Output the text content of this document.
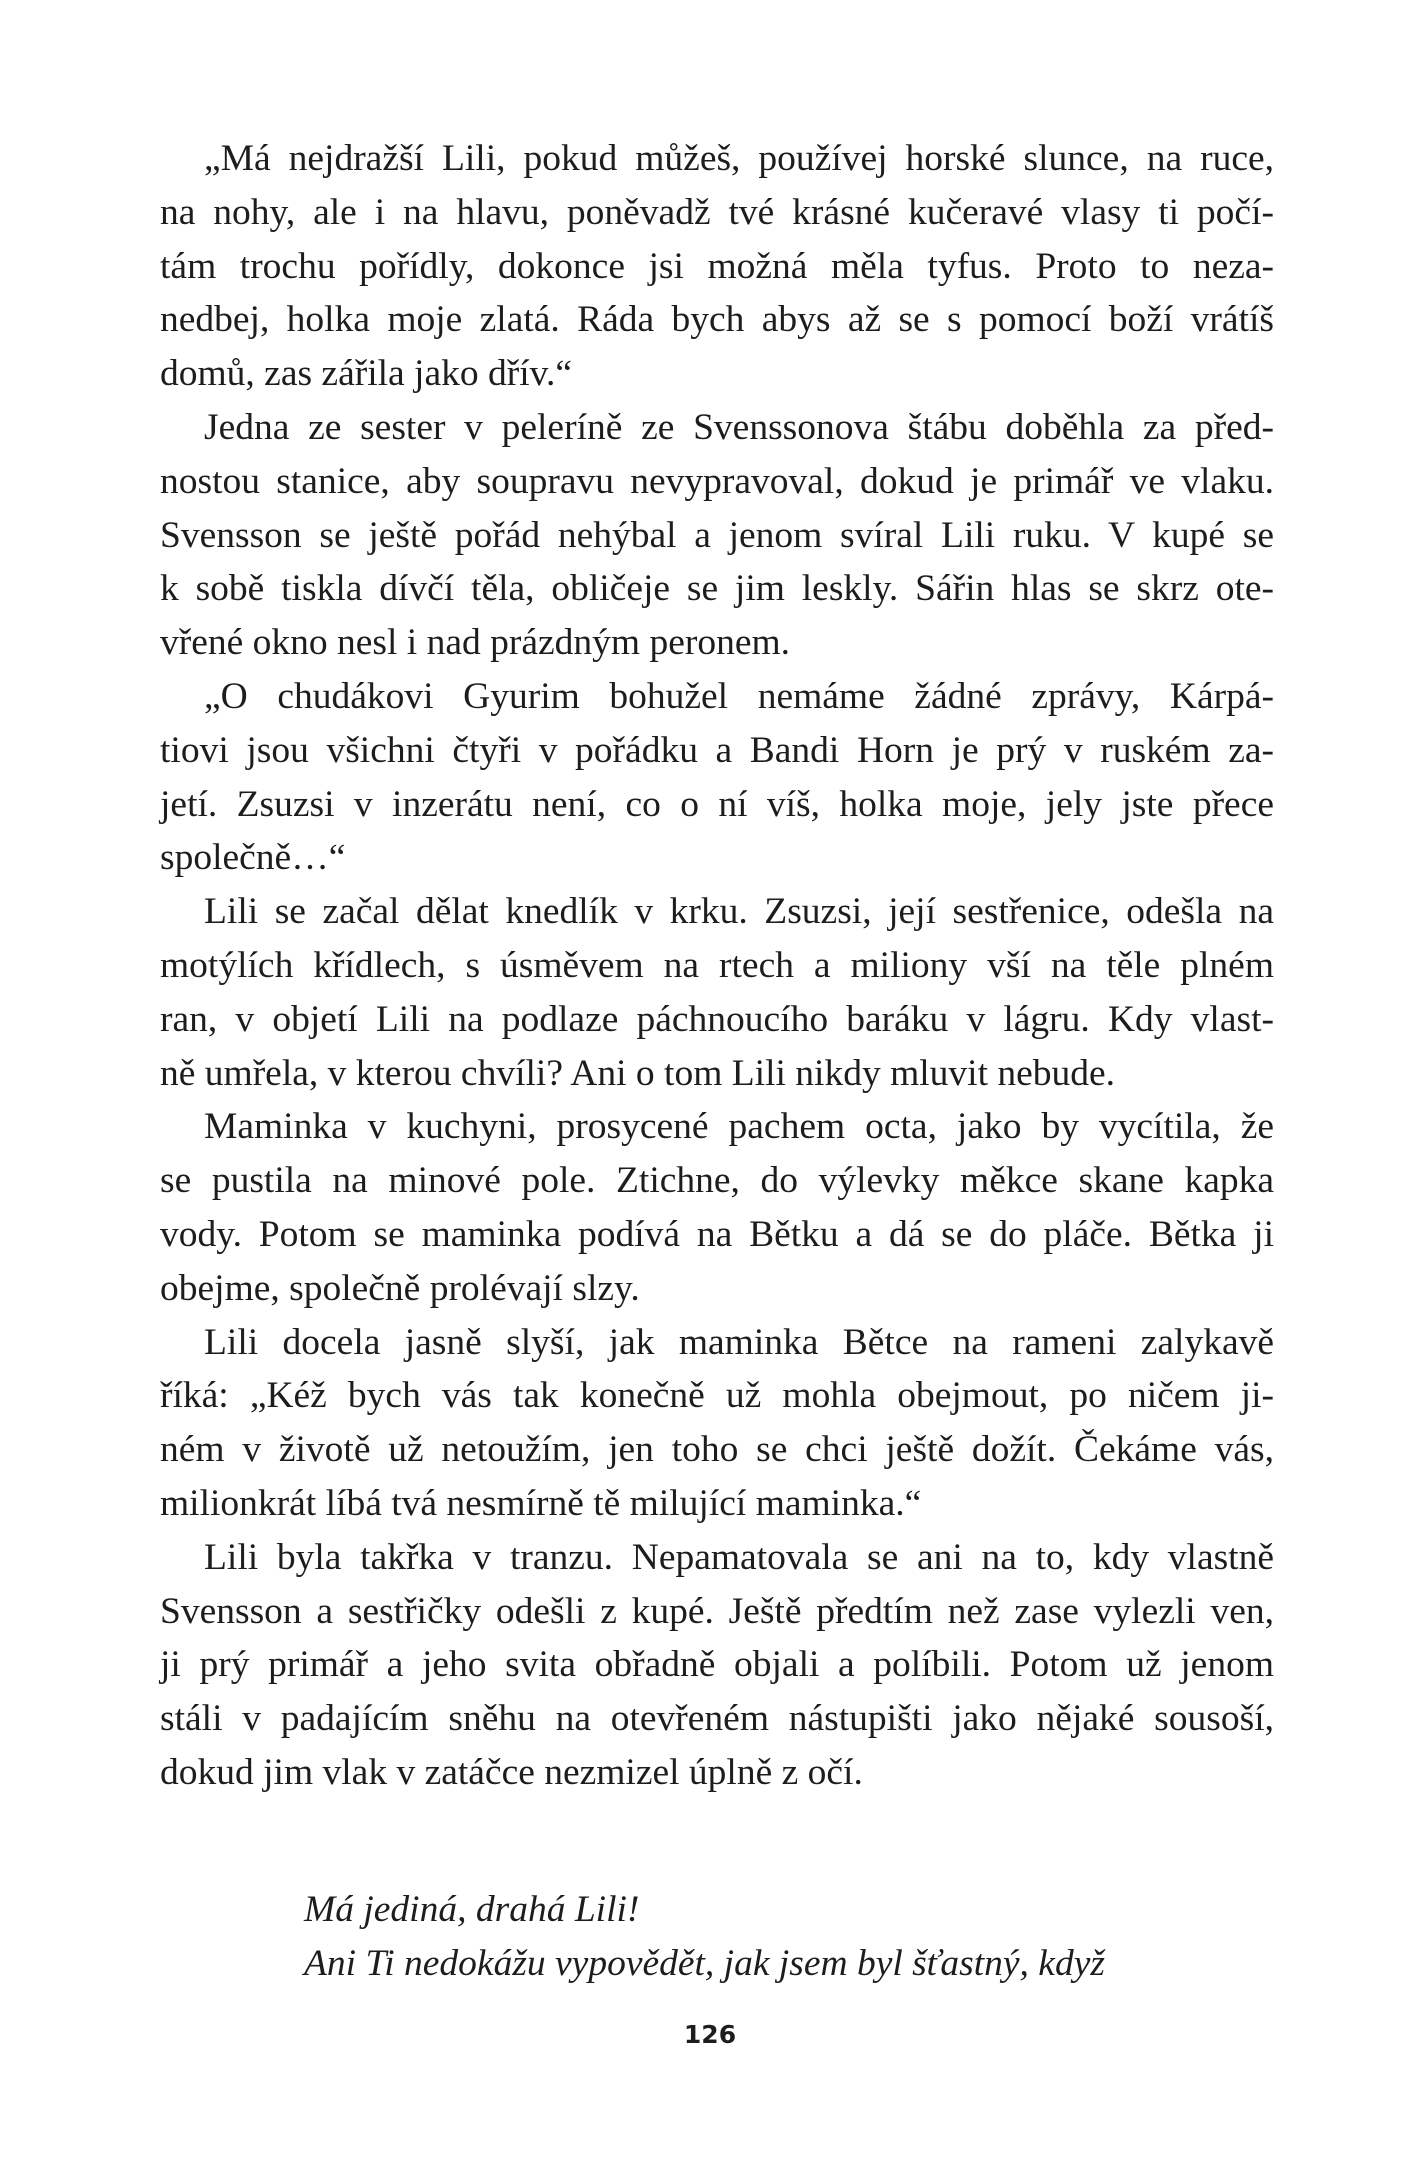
„Má nejdražší Lili, pokud můžeš, používej horské slunce, na ruce,
na nohy, ale i na hlavu, poněvadž tvé krásné kučeravé vlasy ti počí-
tám trochu pořídly, dokonce jsi možná měla tyfus. Proto to neza-
nedbej, holka moje zlatá. Ráda bych abys až se s pomocí boží vrátíš
domů, zas zářila jako dřív.“
Jedna ze sester v peleríně ze Svenssonova štábu doběhla za před-
nostou stanice, aby soupravu nevypravoval, dokud je primář ve vlaku.
Svensson se ještě pořád nehýbal a jenom svíral Lili ruku. V kupé se
k sobě tiskla dívčí těla, obličeje se jim leskly. Sářin hlas se skrz ote-
vřené okno nesl i nad prázdným peronem.
„O chudákovi Gyurim bohužel nemáme žádné zprávy, Kárpá-
tiovi jsou všichni čtyři v pořádku a Bandi Horn je prý v ruském za-
jetí. Zsuzsi v inzerátu není, co o ní víš, holka moje, jely jste přece
společně…“
Lili se začal dělat knedlík v krku. Zsuzsi, její sestřenice, odešla na
motýlích křídlech, s úsměvem na rtech a miliony vší na těle plném
ran, v objetí Lili na podlaze páchnoucího baráku v lágru. Kdy vlast-
ně umřela, v kterou chvíli? Ani o tom Lili nikdy mluvit nebude.
Maminka v kuchyni, prosycené pachem octa, jako by vycítila, že
se pustila na minové pole. Ztichne, do výlevky měkce skane kapka
vody. Potom se maminka podívá na Bětku a dá se do pláče. Bětka ji
obejme, společně prolévají slzy.
Lili docela jasně slyší, jak maminka Bětce na rameni zalykavě
říká: „Kéž bych vás tak konečně už mohla obejmout, po ničem ji-
ném v životě už netoužím, jen toho se chci ještě dožít. Čekáme vás,
milionkrát líbá tvá nesmírně tě milující maminka.“
Lili byla takřka v tranzu. Nepamatovala se ani na to, kdy vlastně
Svensson a sestřičky odešli z kupé. Ještě předtím než zase vylezli ven,
ji prý primář a jeho svita obřadně objali a políbili. Potom už jenom
stáli v padajícím sněhu na otevřeném nástupišti jako nějaké sousoší,
dokud jim vlak v zatáčce nezmizel úplně z očí.
Má jediná, drahá Lili!
Ani Ti nedokážu vypovědět, jak jsem byl šťastný, když
126
